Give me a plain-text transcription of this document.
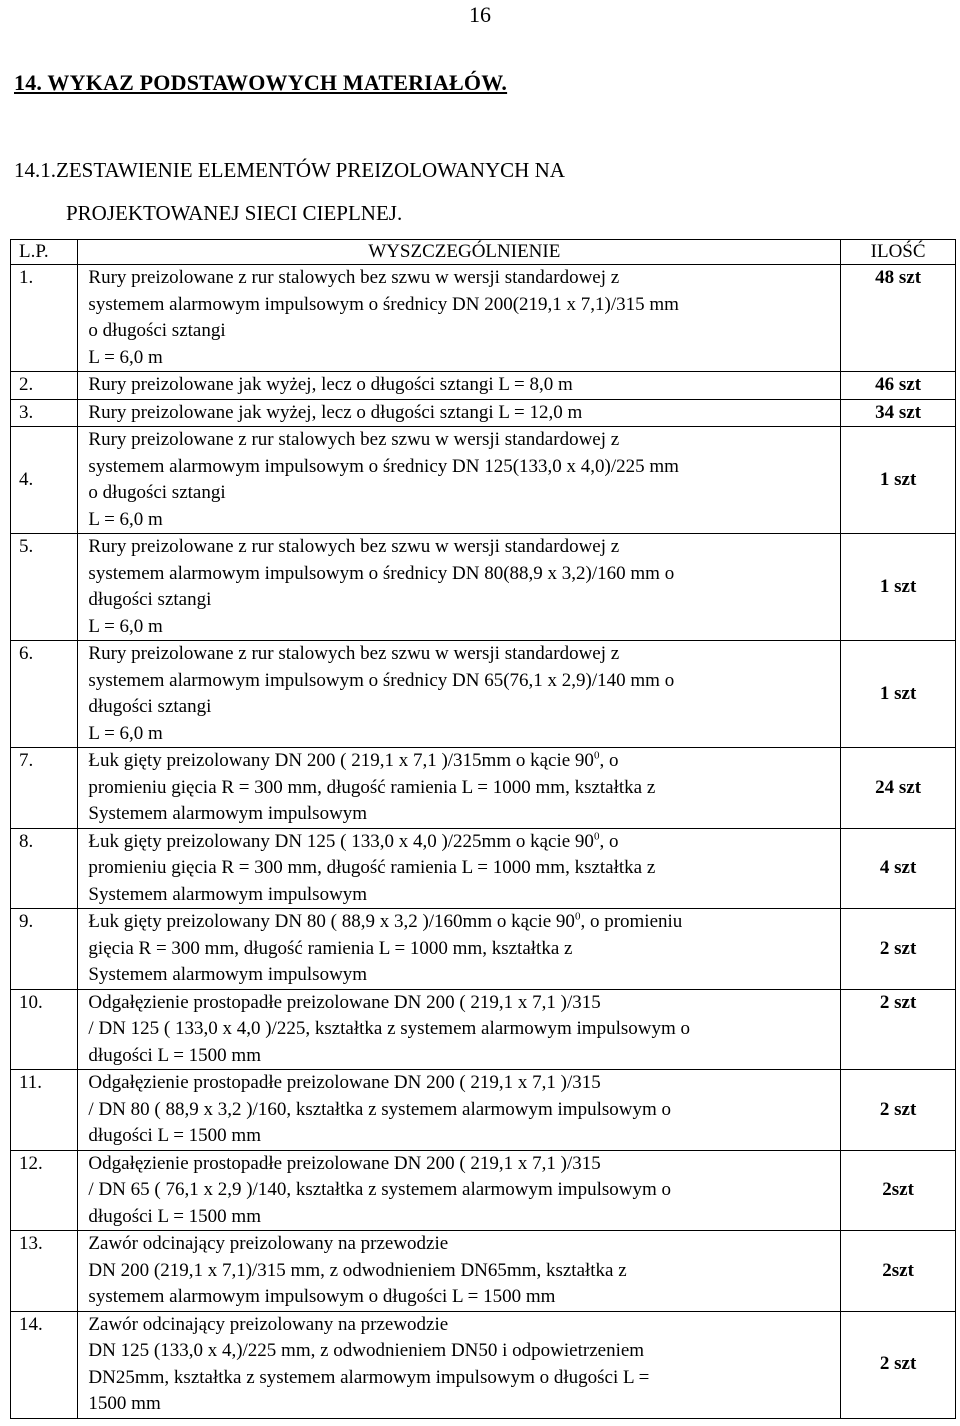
16
14. WYKAZ PODSTAWOWYCH MATERIAŁÓW.
14.1.ZESTAWIENIE ELEMENTÓW PREIZOLOWANYCH NA
PROJEKTOWANEJ SIECI CIEPLNEJ.
L.P.	WYSZCZEGÓLNIENIE	ILOŚĆ
1.	Rury preizolowane z rur stalowych bez szwu w wersji standardowej z
systemem alarmowym impulsowym o średnicy DN 200(219,1 x 7,1)/315 mm
o długości sztangi
L = 6,0 m	48 szt
2.	Rury preizolowane jak wyżej, lecz o długości sztangi L = 8,0 m	46 szt
3.	Rury preizolowane jak wyżej, lecz o długości sztangi L = 12,0 m	34 szt
4.	Rury preizolowane z rur stalowych bez szwu w wersji standardowej z
systemem alarmowym impulsowym o średnicy DN 125(133,0 x 4,0)/225 mm
o długości sztangi
L = 6,0 m	1 szt
5.	Rury preizolowane z rur stalowych bez szwu w wersji standardowej z
systemem alarmowym impulsowym o średnicy DN 80(88,9 x 3,2)/160 mm o
długości sztangi
L = 6,0 m	1 szt
6.	Rury preizolowane z rur stalowych bez szwu w wersji standardowej z
systemem alarmowym impulsowym o średnicy DN 65(76,1 x 2,9)/140 mm o
długości sztangi
L = 6,0 m	1 szt
7.	Łuk gięty preizolowany DN 200 ( 219,1 x 7,1 )/315mm o kącie $90^0$, o
promieniu gięcia R = 300 mm, długość ramienia L = 1000 mm, kształtka z
Systemem alarmowym impulsowym	24 szt
8.	Łuk gięty preizolowany DN 125 ( 133,0 x 4,0 )/225mm o kącie $90^0$, o
promieniu gięcia R = 300 mm, długość ramienia L = 1000 mm, kształtka z
Systemem alarmowym impulsowym	4 szt
9.	Łuk gięty preizolowany DN 80 ( 88,9 x 3,2 )/160mm o kącie $90^0$, o promieniu
gięcia R = 300 mm, długość ramienia L = 1000 mm, kształtka z
Systemem alarmowym impulsowym	2 szt
10.	Odgałęzienie prostopadłe preizolowane DN 200 ( 219,1 x 7,1 )/315
/ DN 125 ( 133,0 x 4,0 )/225, kształtka z systemem alarmowym impulsowym o
długości L = 1500 mm	2 szt
11.	Odgałęzienie prostopadłe preizolowane DN 200 ( 219,1 x 7,1 )/315
/ DN 80 ( 88,9 x 3,2 )/160, kształtka z systemem alarmowym impulsowym o
długości L = 1500 mm	2 szt
12.	Odgałęzienie prostopadłe preizolowane DN 200 ( 219,1 x 7,1 )/315
/ DN 65 ( 76,1 x 2,9 )/140, kształtka z systemem alarmowym impulsowym o
długości L = 1500 mm	2szt
13.	Zawór odcinający preizolowany na przewodzie
DN 200 (219,1 x 7,1)/315 mm, z odwodnieniem DN65mm, kształtka z
systemem alarmowym impulsowym o długości L = 1500 mm	2szt
14.	Zawór odcinający preizolowany na przewodzie
DN 125 (133,0 x 4,)/225 mm, z odwodnieniem DN50 i odpowietrzeniem
DN25mm, kształtka z systemem alarmowym impulsowym o długości L =
1500 mm	2 szt
